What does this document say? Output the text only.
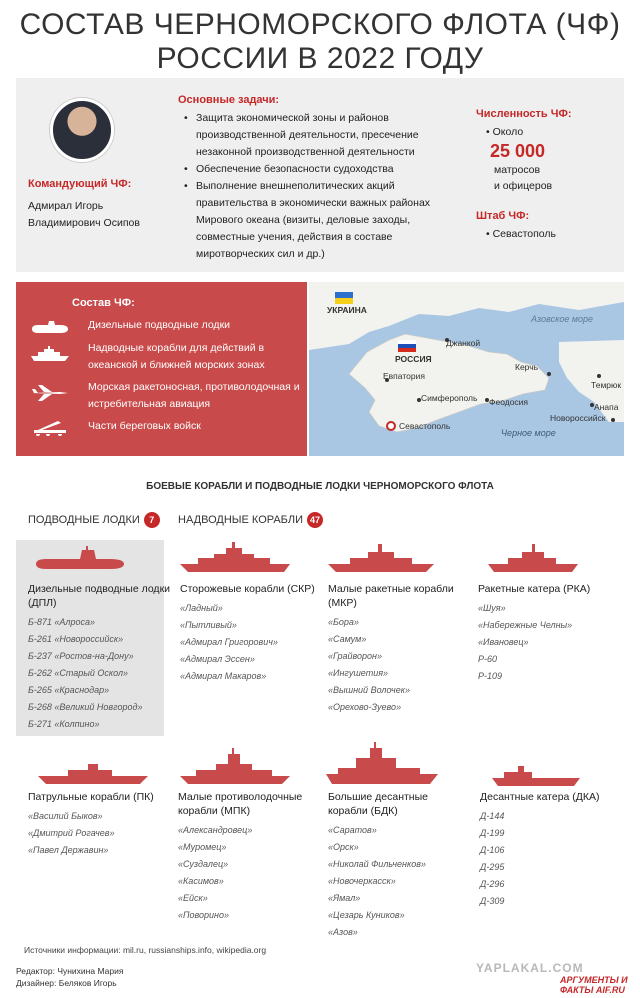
СОСТАВ ЧЕРНОМОРСКОГО ФЛОТА (ЧФ)
РОССИИ В 2022 ГОДУ
Командующий ЧФ:
Адмирал Игорь
Владимирович Осипов
Основные задачи:
• Защита экономической зоны и районов производственной деятельности, пресечение незаконной производственной деятельности
• Обеспечение безопасности судоходства
• Выполнение внешнеполитических акций правительства в экономически важных районах Мирового океана (визиты, деловые заходы, совместные учения, действия в составе миротворческих сил и др.)
Численность ЧФ:
• Около
25 000
матросов
и офицеров
Штаб ЧФ:
• Севастополь
Состав ЧФ:
Дизельные подводные лодки
Надводные корабли для действий в океанской и ближней морских зонах
Морская ракетоносная, противолодочная и истребительная авиация
Части береговых войск
УКРАИНА
РОССИЯ
Азовское море
Черное море
Джанкой
Евпатория
Керчь
Темрюк
Симферополь Феодосия	Анапа
Новороссийск
Севастополь
БОЕВЫЕ КОРАБЛИ И ПОДВОДНЫЕ ЛОДКИ ЧЕРНОМОРСКОГО ФЛОТА
ПОДВОДНЫЕ ЛОДКИ 7	НАДВОДНЫЕ КОРАБЛИ 47
Дизельные подводные лодки (ДПЛ)
Б-871 «Алроса»
Б-261 «Новороссийск»
Б-237 «Ростов-на-Дону»
Б-262 «Старый Оскол»
Б-265 «Краснодар»
Б-268 «Великий Новгород»
Б-271 «Колпино»
Сторожевые корабли (СКР)
«Ладный»
«Пытливый»
«Адмирал Григорович»
«Адмирал Эссен»
«Адмирал Макаров»
Малые ракетные корабли (МКР)
«Бора»
«Самум»
«Грайворон»
«Ингушетия»
«Вышний Волочек»
«Орехово-Зуево»
Ракетные катера (РКА)
«Шуя»
«Набережные Челны»
«Ивановец»
Р-60
Р-109
Патрульные корабли (ПК)
«Василий Быков»
«Дмитрий Рогачев»
«Павел Державин»
Малые противолодочные корабли (МПК)
«Александровец»
«Муромец»
«Суздалец»
«Касимов»
«Ейск»
«Поворино»
Большие десантные корабли (БДК)
«Саратов»
«Орск»
«Николай Фильченков»
«Новочеркасск»
«Ямал»
«Цезарь Куников»
«Азов»
Десантные катера (ДКА)
Д-144
Д-199
Д-106
Д-295
Д-296
Д-309
Источники информации: mil.ru, russianships.info, wikipedia.org
Редактор: Чунихина Мария
Дизайнер: Беляков Игорь
YAPLAKAL.COM
АРГУМЕНТЫ И ФАКТЫ AIF.RU
